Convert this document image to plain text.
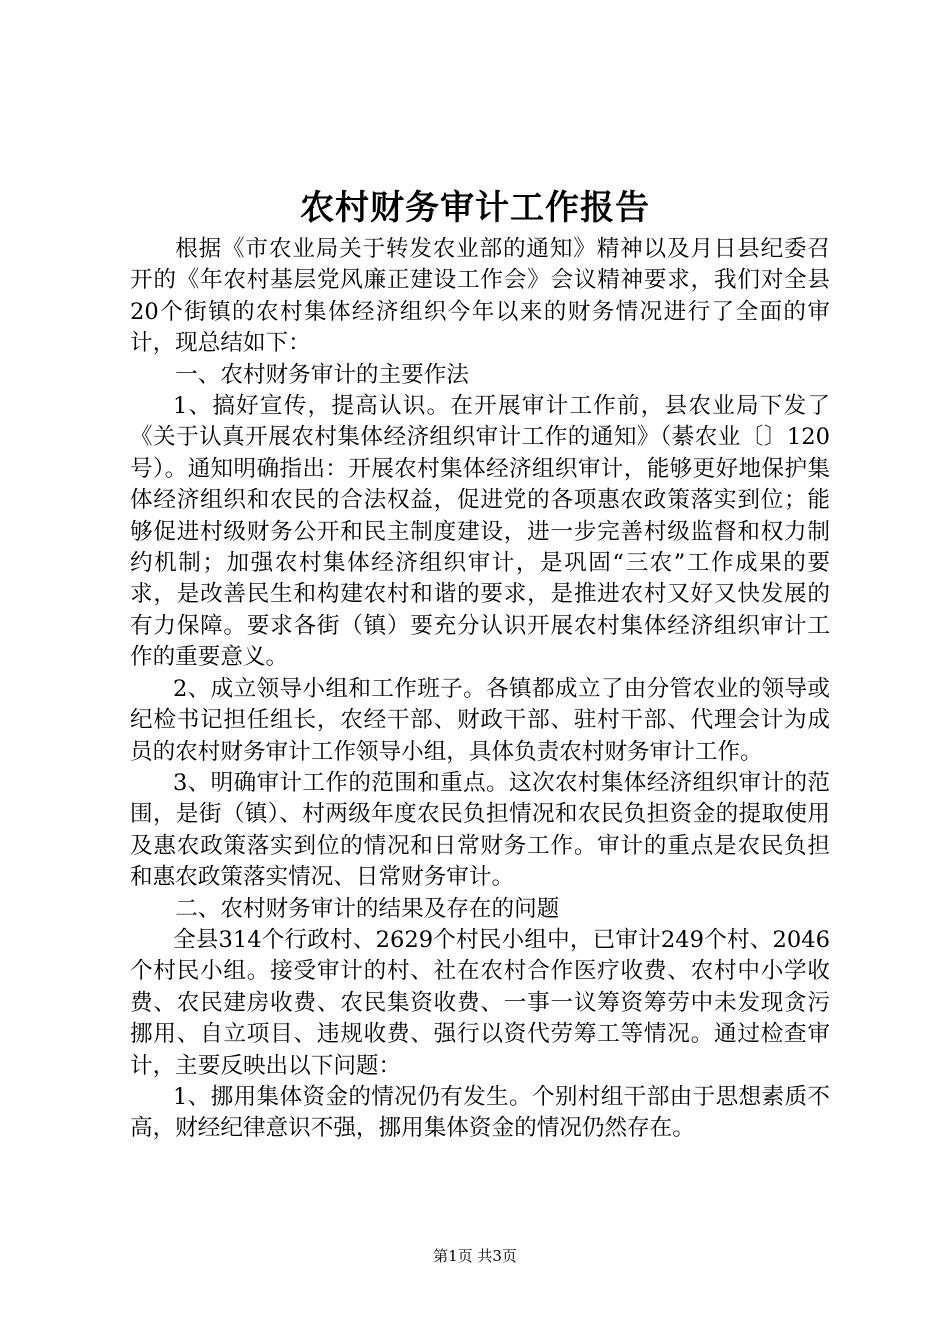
农村财务审计工作报告

根据《市农业局关于转发农业部的通知》精神以及月日县纪委召开的《年农村基层党风廉正建设工作会》会议精神要求，我们对全县20个街镇的农村集体经济组织今年以来的财务情况进行了全面的审计，现总结如下：

一、农村财务审计的主要作法

1、搞好宣传，提高认识。在开展审计工作前，县农业局下发了《关于认真开展农村集体经济组织审计工作的通知》（綦农业〔〕120号）。通知明确指出：开展农村集体经济组织审计，能够更好地保护集体经济组织和农民的合法权益，促进党的各项惠农政策落实到位；能够促进村级财务公开和民主制度建设，进一步完善村级监督和权力制约机制；加强农村集体经济组织审计，是巩固“三农”工作成果的要求，是改善民生和构建农村和谐的要求，是推进农村又好又快发展的有力保障。要求各街（镇）要充分认识开展农村集体经济组织审计工作的重要意义。

2、成立领导小组和工作班子。各镇都成立了由分管农业的领导或纪检书记担任组长，农经干部、财政干部、驻村干部、代理会计为成员的农村财务审计工作领导小组，具体负责农村财务审计工作。

3、明确审计工作的范围和重点。这次农村集体经济组织审计的范围，是街（镇）、村两级年度农民负担情况和农民负担资金的提取使用及惠农政策落实到位的情况和日常财务工作。审计的重点是农民负担和惠农政策落实情况、日常财务审计。

二、农村财务审计的结果及存在的问题

全县314个行政村、2629个村民小组中，已审计249个村、2046个村民小组。接受审计的村、社在农村合作医疗收费、农村中小学收费、农民建房收费、农民集资收费、一事一议筹资筹劳中未发现贪污挪用、自立项目、违规收费、强行以资代劳筹工等情况。通过检查审计，主要反映出以下问题：

1、挪用集体资金的情况仍有发生。个别村组干部由于思想素质不高，财经纪律意识不强，挪用集体资金的情况仍然存在。

第1页 共3页
